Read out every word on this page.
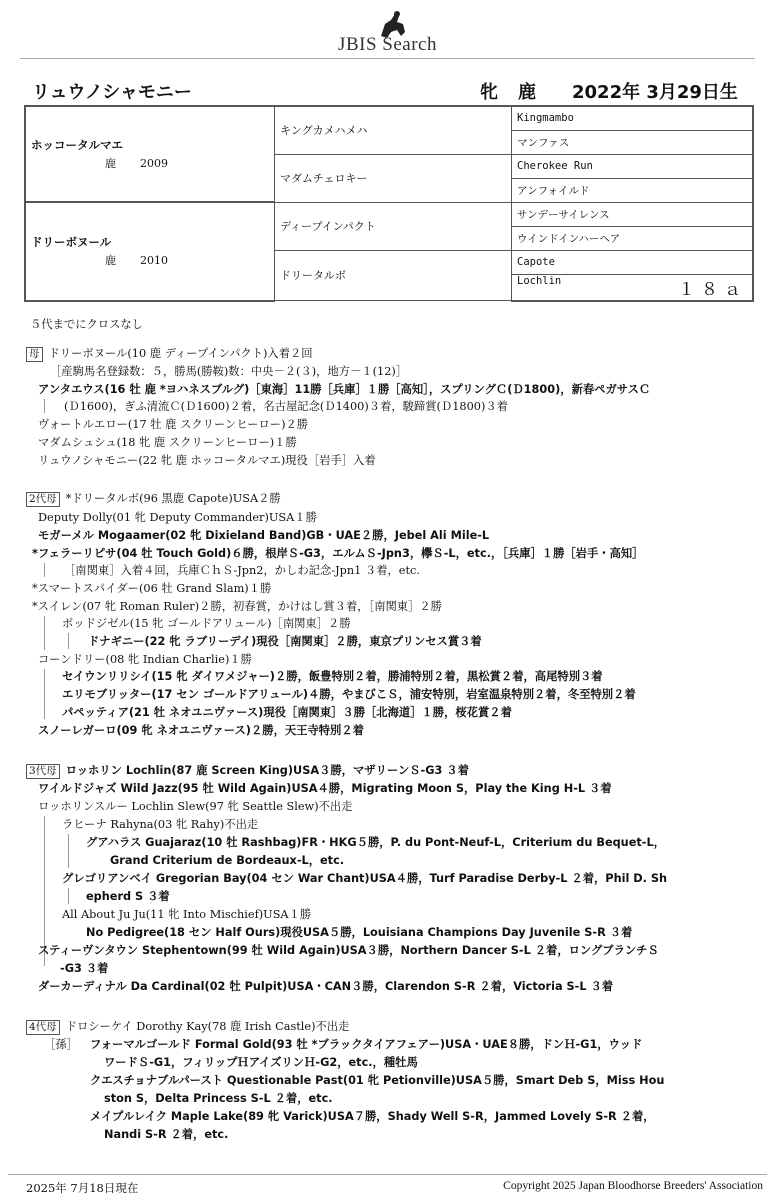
JBIS Search
リュウノシャモニー	牝 鹿 2022年 3月29日生
ホッコータルマエ
鹿 2009	キングカメハメハ	Kingmambo
		マンファス
	マダムチェロキー	Cherokee Run
		アンフォイルド

ドリーボヌール
鹿 2010	ディープインパクト	サンデーサイレンス
		ウインドインハーヘア
	ドリータルボ	Capote

		Lochlin １８ａ
５代までにクロスなし
母 ドリーボヌール(10 鹿 ディープインパクト)入着２回
［産駒馬名登録数：５，勝馬(勝鞍)数：中央－２(３)，地方－１(12)］
アンタエウス(16 牡 鹿 *ヨハネスブルグ)［東海］11勝［兵庫］１勝［高知］，スプリングＣ(Ｄ1800)，新春ペガサスＣ
(Ｄ1600)，ぎふ清流Ｃ(Ｄ1600)２着，名古屋記念(Ｄ1400)３着，駿蹄賞(Ｄ1800)３着
ヴォートルエロー(17 牡 鹿 スクリーンヒーロー)２勝
マダムシュシュ(18 牝 鹿 スクリーンヒーロー)１勝
リュウノシャモニー(22 牝 鹿 ホッコータルマエ)現役［岩手］入着
2代母 *ドリータルボ(96 黒鹿 Capote)USA２勝
Deputy Dolly(01 牝 Deputy Commander)USA１勝
モガーメル Mogaamer(02 牝 Dixieland Band)GB・UAE２勝，Jebel Ali Mile-L
*フェラーリピサ(04 牡 Touch Gold)６勝，根岸Ｓ-G3，エルムＳ-Jpn3，欅Ｓ-L，etc.，［兵庫］１勝［岩手・高知］
［南関東］入着４回，兵庫ＣｈＳ-Jpn2，かしわ記念-Jpn1 ３着，etc.
*スマートスパイダー(06 牡 Grand Slam)１勝
*スイレン(07 牝 Roman Ruler)２勝，初春賞，かけはし賞３着，［南関東］２勝
ポッドジゼル(15 牝 ゴールドアリュール)［南関東］２勝
ドナギニー(22 牝 ラブリーデイ)現役［南関東］２勝，東京プリンセス賞３着
コーンドリー(08 牝 Indian Charlie)１勝
セイウンリリシイ(15 牝 ダイワメジャー)２勝，飯豊特別２着，勝浦特別２着，黒松賞２着，高尾特別３着
エリモブリッター(17 セン ゴールドアリュール)４勝，やまびこＳ，浦安特別，岩室温泉特別２着，冬至特別２着
パペッティア(21 牡 ネオユニヴァース)現役［南関東］３勝［北海道］１勝，桜花賞２着
スノーレガーロ(09 牝 ネオユニヴァース)２勝，天王寺特別２着
3代母 ロッホリン Lochlin(87 鹿 Screen King)USA３勝，マザリーンＳ-G3 ３着
ワイルドジャズ Wild Jazz(95 牡 Wild Again)USA４勝，Migrating Moon S，Play the King H-L ３着
ロッホリンスルー Lochlin Slew(97 牝 Seattle Slew)不出走
ラヒーナ Rahyna(03 牝 Rahy)不出走
グアハラス Guajaraz(10 牡 Rashbag)FR・HKG５勝，P. du Pont-Neuf-L，Criterium du Bequet-L，
Grand Criterium de Bordeaux-L，etc.
グレゴリアンベイ Gregorian Bay(04 セン War Chant)USA４勝，Turf Paradise Derby-L ２着，Phil D. Sh
epherd S ３着
All About Ju Ju(11 牝 Into Mischief)USA１勝
No Pedigree(18 セン Half Ours)現役USA５勝，Louisiana Champions Day Juvenile S-R ３着
スティーヴンタウン Stephentown(99 牡 Wild Again)USA３勝，Northern Dancer S-L ２着，ロングブランチＳ
-G3 ３着
ダーカーディナル Da Cardinal(02 牡 Pulpit)USA・CAN３勝，Clarendon S-R ２着，Victoria S-L ３着
4代母 ドロシーケイ Dorothy Kay(78 鹿 Irish Castle)不出走
［孫］ フォーマルゴールド Formal Gold(93 牡 *ブラックタイアフェアー)USA・UAE８勝，ドンＨ-G1，ウッド
ワードＳ-G1，フィリップＨアイズリンＨ-G2，etc.，種牡馬
クエスチョナブルパースト Questionable Past(01 牝 Petionville)USA５勝，Smart Deb S，Miss Hou
ston S，Delta Princess S-L ２着，etc.
メイプルレイク Maple Lake(89 牝 Varick)USA７勝，Shady Well S-R，Jammed Lovely S-R ２着，
Nandi S-R ２着，etc.
2025年 7月18日現在	Copyright 2025 Japan Bloodhorse Breeders' Association
